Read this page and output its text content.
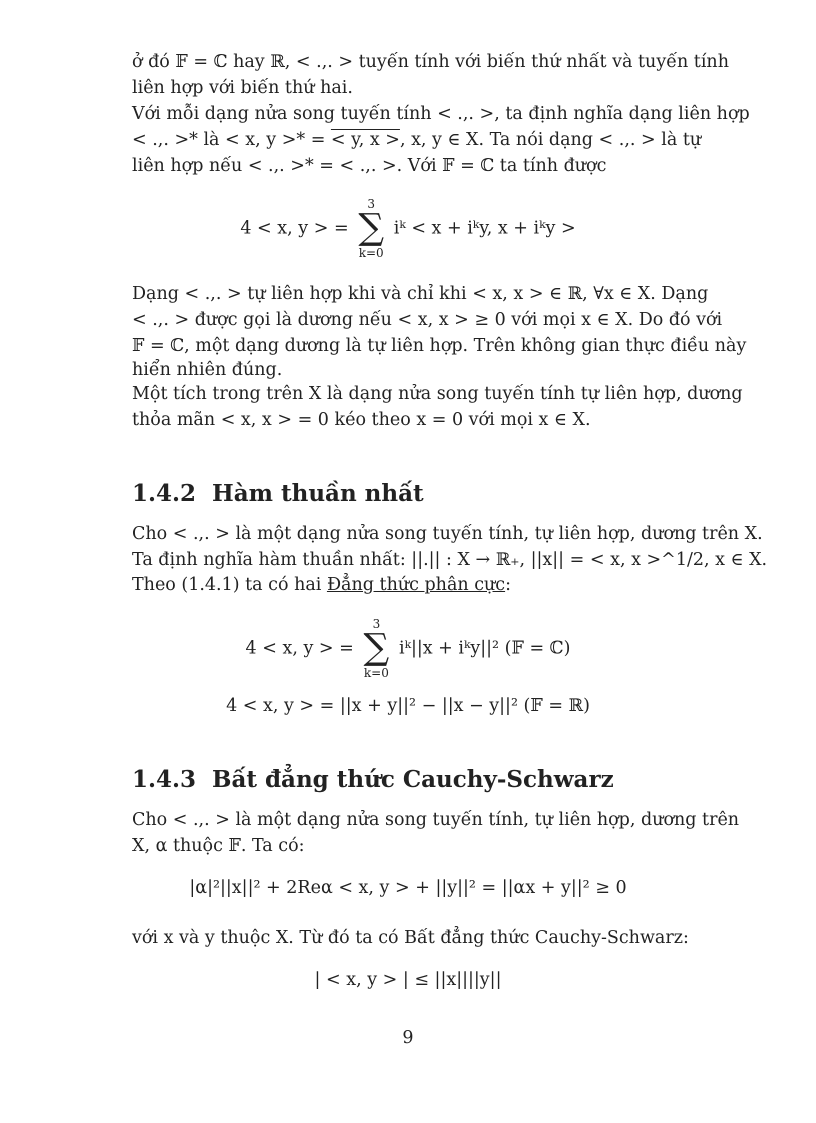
ở đó 𝔽 = ℂ hay ℝ, < .,. > tuyến tính với biến thứ nhất và tuyến tính
liên hợp với biến thứ hai.
Với mỗi dạng nửa song tuyến tính < .,. >, ta định nghĩa dạng liên hợp
< .,. >* là < x, y >* = < y, x >, x, y ∈ X. Ta nói dạng < .,. > là tự
liên hợp nếu < .,. >* = < .,. >. Với 𝔽 = ℂ ta tính được
4 < x, y > =
3
∑
k=0
iᵏ < x + iᵏy, x + iᵏy >
Dạng < .,. > tự liên hợp khi và chỉ khi < x, x > ∈ ℝ, ∀x ∈ X. Dạng
< .,. > được gọi là dương nếu < x, x > ≥ 0 với mọi x ∈ X. Do đó với
𝔽 = ℂ, một dạng dương là tự liên hợp. Trên không gian thực điều này
hiển nhiên đúng.
Một tích trong trên X là dạng nửa song tuyến tính tự liên hợp, dương
thỏa mãn < x, x > = 0 kéo theo x = 0 với mọi x ∈ X.
1.4.2 Hàm thuần nhất
Cho < .,. > là một dạng nửa song tuyến tính, tự liên hợp, dương trên X.
Ta định nghĩa hàm thuần nhất: ||.|| : X → ℝ₊, ||x|| = < x, x >^1/2, x ∈ X.
Theo (1.4.1) ta có hai Đẳng thức phân cực:
4 < x, y > =
3
∑
k=0
iᵏ||x + iᵏy||² (𝔽 = ℂ)
4 < x, y > = ||x + y||² − ||x − y||² (𝔽 = ℝ)
1.4.3 Bất đẳng thức Cauchy-Schwarz
Cho < .,. > là một dạng nửa song tuyến tính, tự liên hợp, dương trên
X, α thuộc 𝔽. Ta có:
|α|²||x||² + 2Reα < x, y > + ||y||² = ||αx + y||² ≥ 0
với x và y thuộc X. Từ đó ta có Bất đẳng thức Cauchy-Schwarz:
| < x, y > | ≤ ||x||||y||
9
